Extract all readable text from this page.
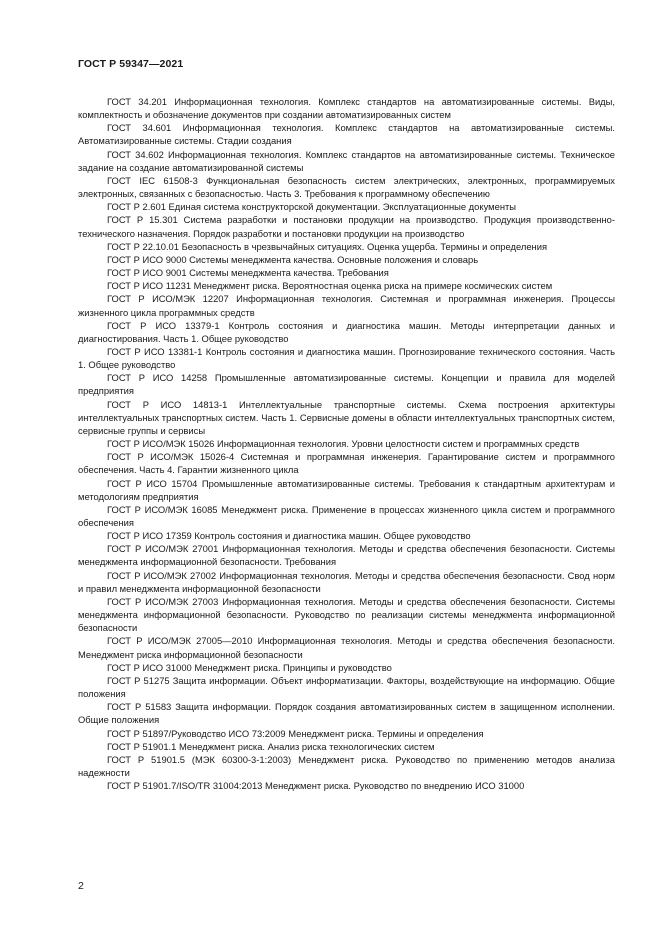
ГОСТ Р 59347—2021

ГОСТ 34.201 Информационная технология. Комплекс стандартов на автоматизированные системы. Виды, комплектность и обозначение документов при создании автоматизированных систем

ГОСТ 34.601 Информационная технология. Комплекс стандартов на автоматизированные системы. Автоматизированные системы. Стадии создания

ГОСТ 34.602 Информационная технология. Комплекс стандартов на автоматизированные системы. Техническое задание на создание автоматизированной системы

ГОСТ IEC 61508-3 Функциональная безопасность систем электрических, электронных, программируемых электронных, связанных с безопасностью. Часть 3. Требования к программному обеспечению

ГОСТ Р 2.601 Единая система конструкторской документации. Эксплуатационные документы

ГОСТ Р 15.301 Система разработки и постановки продукции на производство. Продукция производственно-технического назначения. Порядок разработки и постановки продукции на производство

ГОСТ Р 22.10.01 Безопасность в чрезвычайных ситуациях. Оценка ущерба. Термины и определения

ГОСТ Р ИСО 9000 Системы менеджмента качества. Основные положения и словарь

ГОСТ Р ИСО 9001 Системы менеджмента качества. Требования

ГОСТ Р ИСО 11231 Менеджмент риска. Вероятностная оценка риска на примере космических систем

ГОСТ Р ИСО/МЭК 12207 Информационная технология. Системная и программная инженерия. Процессы жизненного цикла программных средств

ГОСТ Р ИСО 13379-1 Контроль состояния и диагностика машин. Методы интерпретации данных и диагностирования. Часть 1. Общее руководство

ГОСТ Р ИСО 13381-1 Контроль состояния и диагностика машин. Прогнозирование технического состояния. Часть 1. Общее руководство

ГОСТ Р ИСО 14258 Промышленные автоматизированные системы. Концепции и правила для моделей предприятия

ГОСТ Р ИСО 14813-1 Интеллектуальные транспортные системы. Схема построения архитектуры интеллектуальных транспортных систем. Часть 1. Сервисные домены в области интеллектуальных транспортных систем, сервисные группы и сервисы

ГОСТ Р ИСО/МЭК 15026 Информационная технология. Уровни целостности систем и программных средств

ГОСТ Р ИСО/МЭК 15026-4 Системная и программная инженерия. Гарантирование систем и программного обеспечения. Часть 4. Гарантии жизненного цикла

ГОСТ Р ИСО 15704 Промышленные автоматизированные системы. Требования к стандартным архитектурам и методологиям предприятия

ГОСТ Р ИСО/МЭК 16085 Менеджмент риска. Применение в процессах жизненного цикла систем и программного обеспечения

ГОСТ Р ИСО 17359 Контроль состояния и диагностика машин. Общее руководство

ГОСТ Р ИСО/МЭК 27001 Информационная технология. Методы и средства обеспечения безопасности. Системы менеджмента информационной безопасности. Требования

ГОСТ Р ИСО/МЭК 27002 Информационная технология. Методы и средства обеспечения безопасности. Свод норм и правил менеджмента информационной безопасности

ГОСТ Р ИСО/МЭК 27003 Информационная технология. Методы и средства обеспечения безопасности. Системы менеджмента информационной безопасности. Руководство по реализации системы менеджмента информационной безопасности

ГОСТ Р ИСО/МЭК 27005—2010 Информационная технология. Методы и средства обеспечения безопасности. Менеджмент риска информационной безопасности

ГОСТ Р ИСО 31000 Менеджмент риска. Принципы и руководство

ГОСТ Р 51275 Защита информации. Объект информатизации. Факторы, воздействующие на информацию. Общие положения

ГОСТ Р 51583 Защита информации. Порядок создания автоматизированных систем в защищенном исполнении. Общие положения

ГОСТ Р 51897/Руководство ИСО 73:2009 Менеджмент риска. Термины и определения

ГОСТ Р 51901.1 Менеджмент риска. Анализ риска технологических систем

ГОСТ Р 51901.5 (МЭК 60300-3-1:2003) Менеджмент риска. Руководство по применению методов анализа надежности

ГОСТ Р 51901.7/ISO/TR 31004:2013 Менеджмент риска. Руководство по внедрению ИСО 31000

2
